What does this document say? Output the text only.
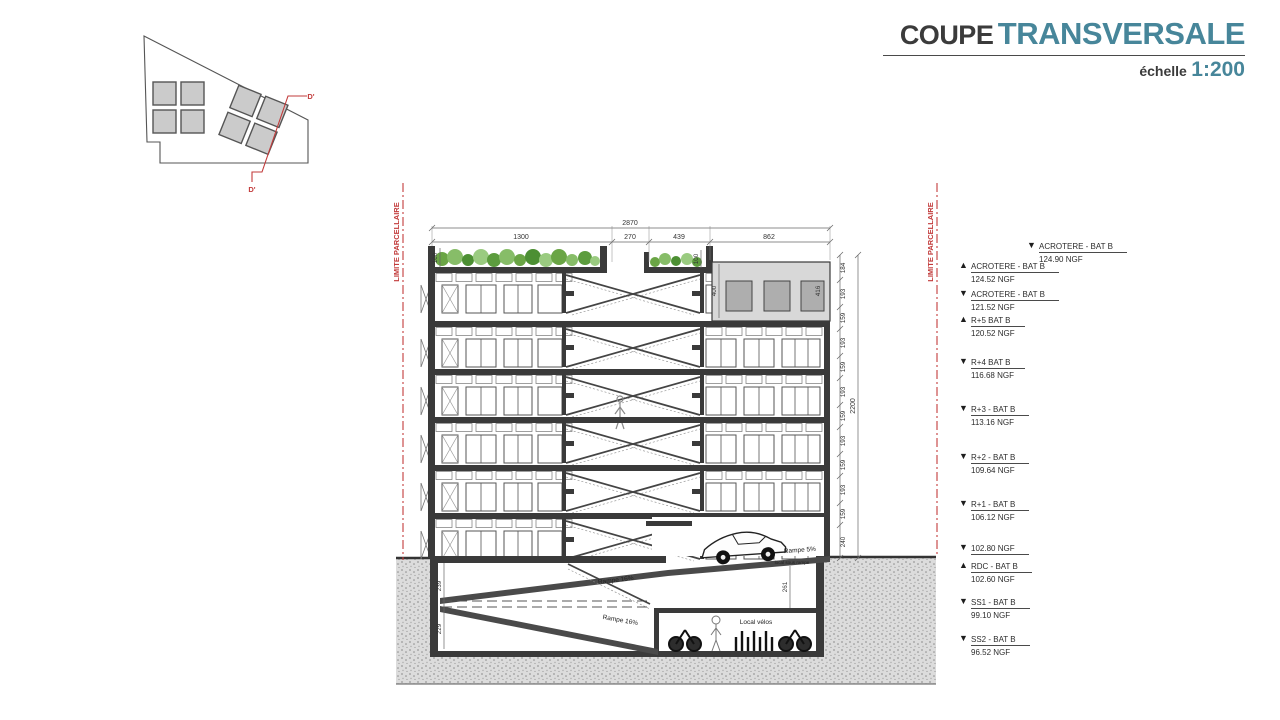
COUPE TRANSVERSALE
échelle 1:200
D'
D'
LIMITE PARCELLAIRE	LIMITE PARCELLAIRE
2870
1300	270	439	862
184
193
159
193
159
193
159
193
159
193
159
240
2200
100	100
400	416
239
229
261
Rampe 5%
Rampe 16%
Rampe 16%	Local vélos
local sous rampe
▼ ACROTERE - BAT B
124.90 NGF
▲ ACROTERE - BAT B
124.52 NGF
▼ ACROTERE - BAT B
121.52 NGF
▲ R+5 BAT B
120.52 NGF
▼ R+4 BAT B
116.68 NGF
▼ R+3 - BAT B
113.16 NGF
▼ R+2 - BAT B
109.64 NGF
▼ R+1 - BAT B
106.12 NGF
▼ 102.80 NGF
▲ RDC - BAT B
102.60 NGF
▼ SS1 - BAT B
99.10 NGF
▼ SS2 - BAT B
96.52 NGF
